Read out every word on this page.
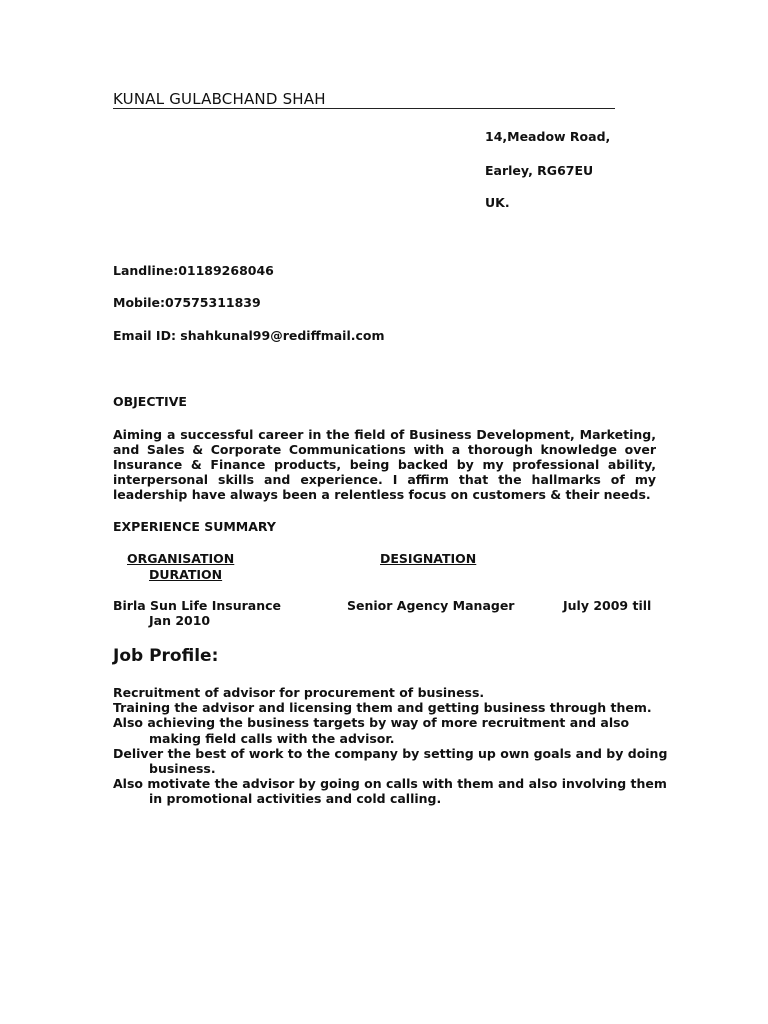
KUNAL GULABCHAND SHAH
14,Meadow Road,
Earley, RG67EU
UK.
Landline:01189268046
Mobile:07575311839
Email ID: shahkunal99@rediffmail.com
OBJECTIVE
Aiming a successful career in the field of Business Development, Marketing, and Sales & Corporate Communications with a thorough knowledge over Insurance & Finance products, being backed by my professional ability, interpersonal skills and experience. I affirm that the hallmarks of my leadership have always been a relentless focus on customers & their needs.
EXPERIENCE SUMMARY
ORGANISATION	DESIGNATION
DURATION
Birla Sun Life Insurance	Senior Agency Manager	July 2009 till
Jan 2010
Job Profile:
Recruitment of advisor for procurement of business.
Training the advisor and licensing them and getting business through them.
Also achieving the business targets by way of more recruitment and also making field calls with the advisor.
Deliver the best of work to the company by setting up own goals and by doing business.
Also motivate the advisor by going on calls with them and also involving them in promotional activities and cold calling.
